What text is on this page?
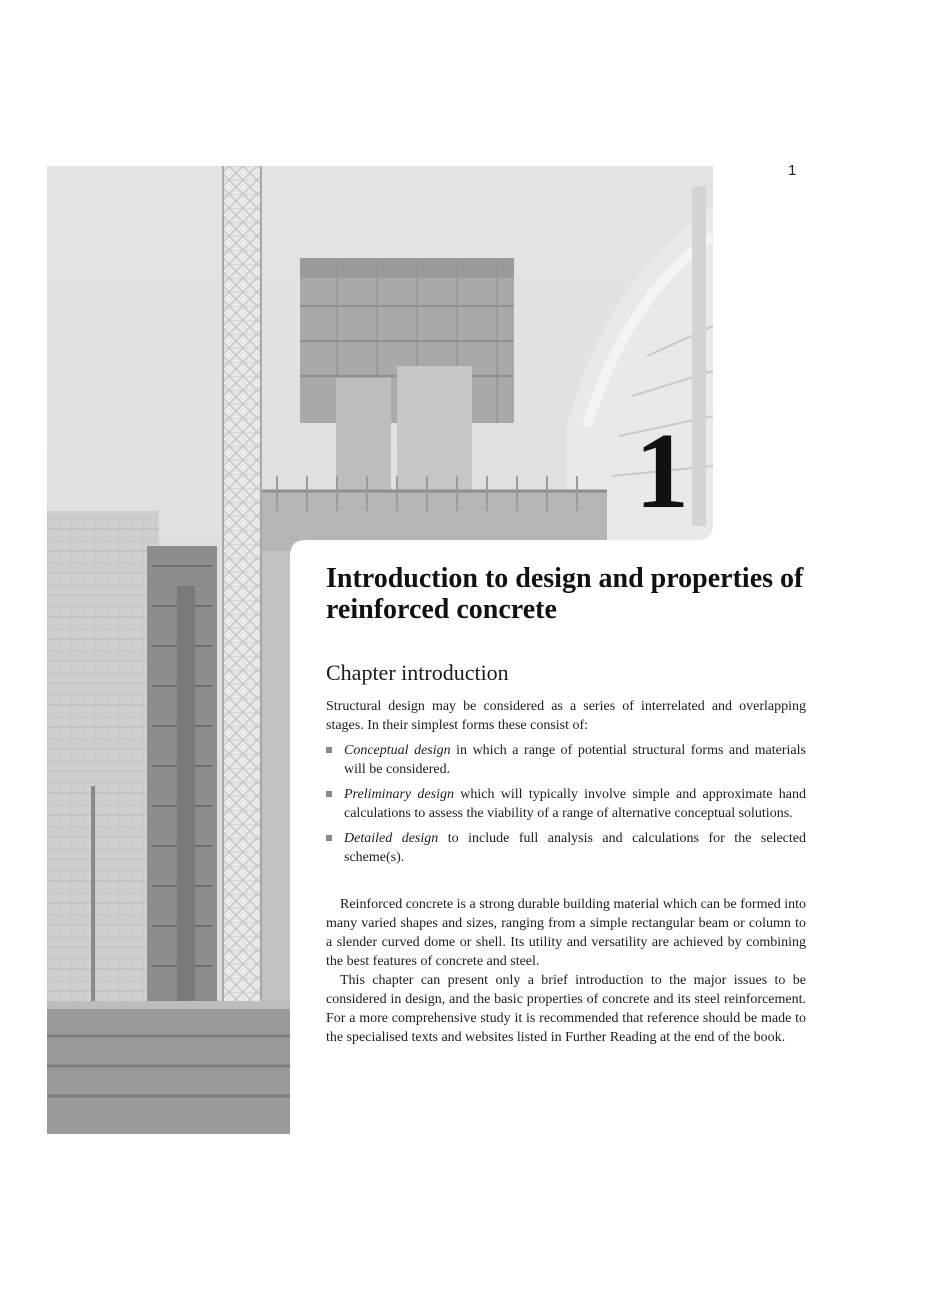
1
1
Introduction to design and properties of reinforced concrete
Chapter introduction

Structural design may be considered as a series of interrelated and overlapping stages. In their simplest forms these consist of:

Conceptual design in which a range of potential structural forms and materials will be considered.
Preliminary design which will typically involve simple and approximate hand calculations to assess the viability of a range of alternative conceptual solutions.
Detailed design to include full analysis and calculations for the selected scheme(s).

Reinforced concrete is a strong durable building material which can be formed into many varied shapes and sizes, ranging from a simple rectangular beam or column to a slender curved dome or shell. Its utility and versatility are achieved by combining the best features of concrete and steel.

This chapter can present only a brief introduction to the major issues to be considered in design, and the basic properties of concrete and its steel reinforcement. For a more comprehensive study it is recommended that reference should be made to the specialised texts and websites listed in Further Reading at the end of the book.
